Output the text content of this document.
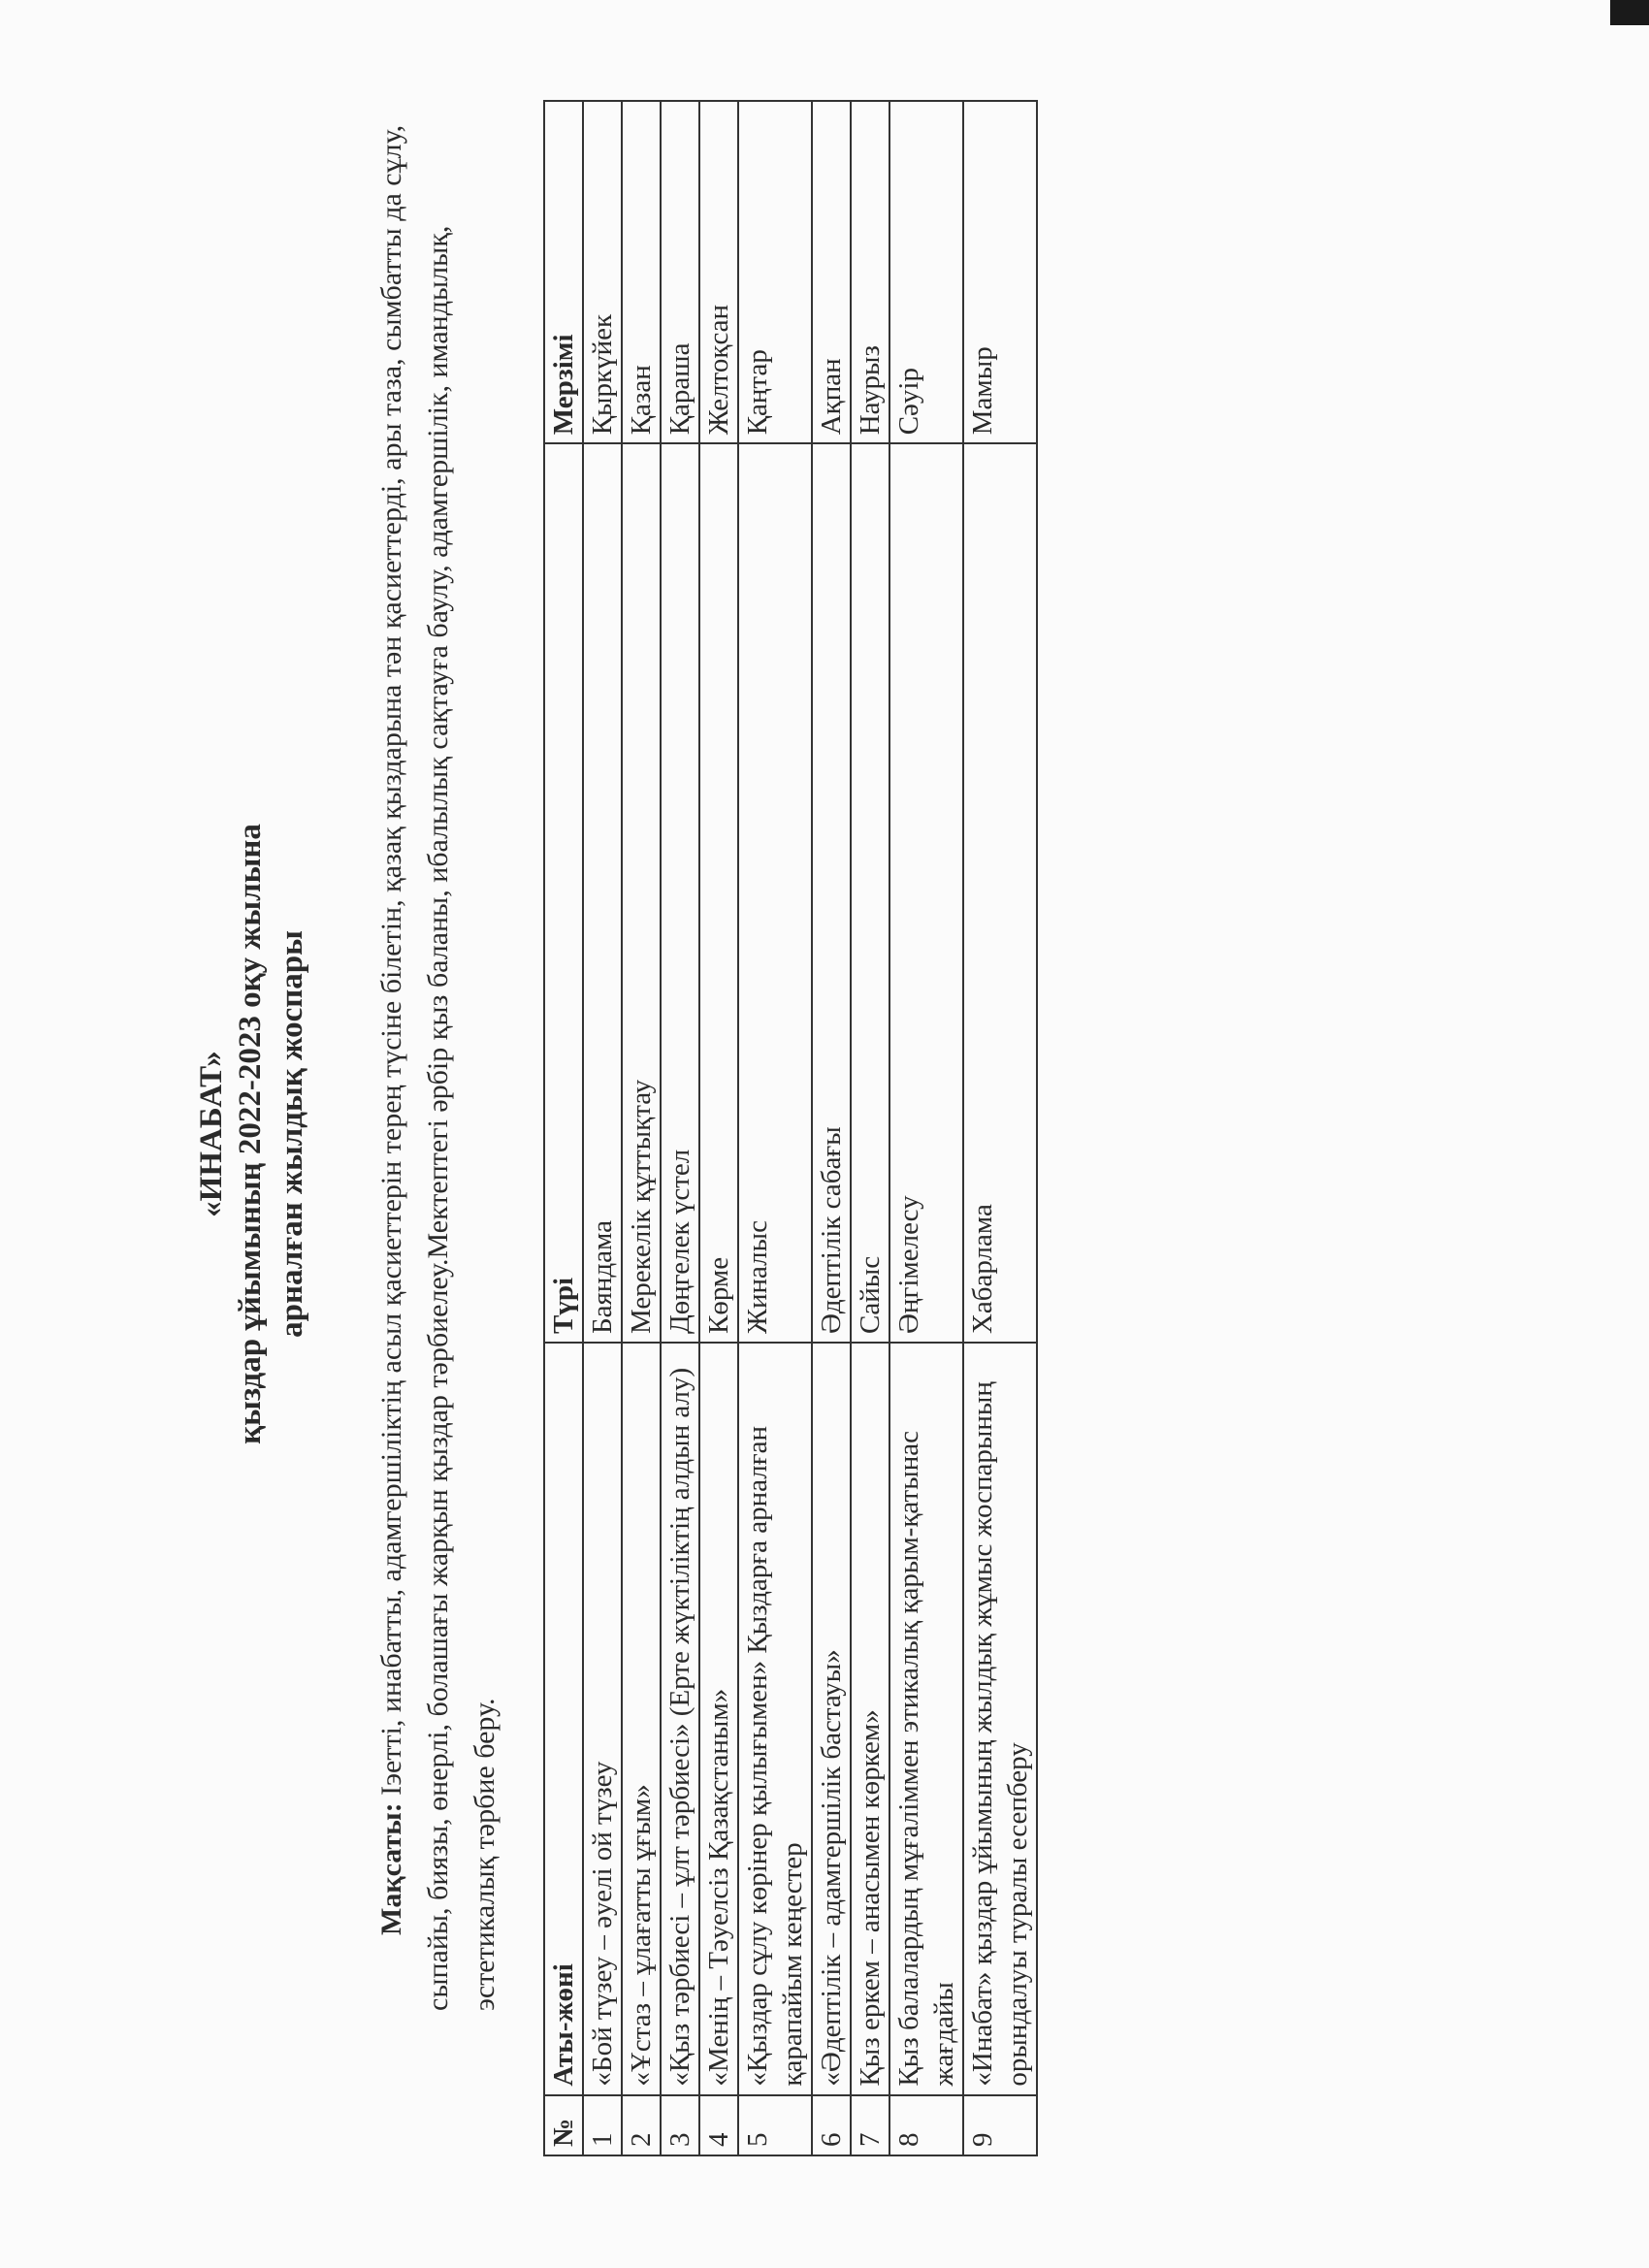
«ИНАБАТ» қыздар ұйымының 2022-2023 оқу жылына арналған жылдық жоспары

Мақсаты: Іэетті, инабатты, адамгершіліктің асыл қасиеттерін терең түсіне білетін, қазақ қыздарына тән қасиеттерді, ары таза, сымбатты да сұлу, сыпайы, биязы, өнерлі, болашағы жарқын қыздар тәрбиелеу.Мектептегі әрбір қыз баланы, ибалылық сақтауға баулу, адамгершілік, имандылық, эстетикалық тәрбие беру.

№	Аты-жөні	Түрі	Мерзімі
1	«Бой түзеу – әуелі ой түзеу	Баяндама	Қыркүйек
2	«Ұстаз – ұлағатты ұғым»	Мерекелік құттықтау	Қазан
3	«Қыз тәрбиесі – ұлт тәрбиесі» (Ерте жүктіліктің алдын алу)	Дөңгелек үстел	Қараша
4	«Менің – Тәуелсіз Қазақстаным»	Көрме	Желтоқсан
5	«Қыздар сұлу көрінер қылығымен» Қыздарға арналған қарапайым кеңестер	Жиналыс	Қаңтар
6	«Әдептілік – адамгершілік бастауы»	Әдептілік сабағы	Ақпан
7	Қыз еркем – анасымен көркем»	Сайыс	Наурыз
8	Қыз балалардың мұғаліммен этикалық қарым-қатынас жағдайы	Әңгімелесу	Сәуір
9	«Инабат» қыздар ұйымының жылдық жұмыс жоспарының орындалуы туралы есепберу	Хабарлама	Мамыр
